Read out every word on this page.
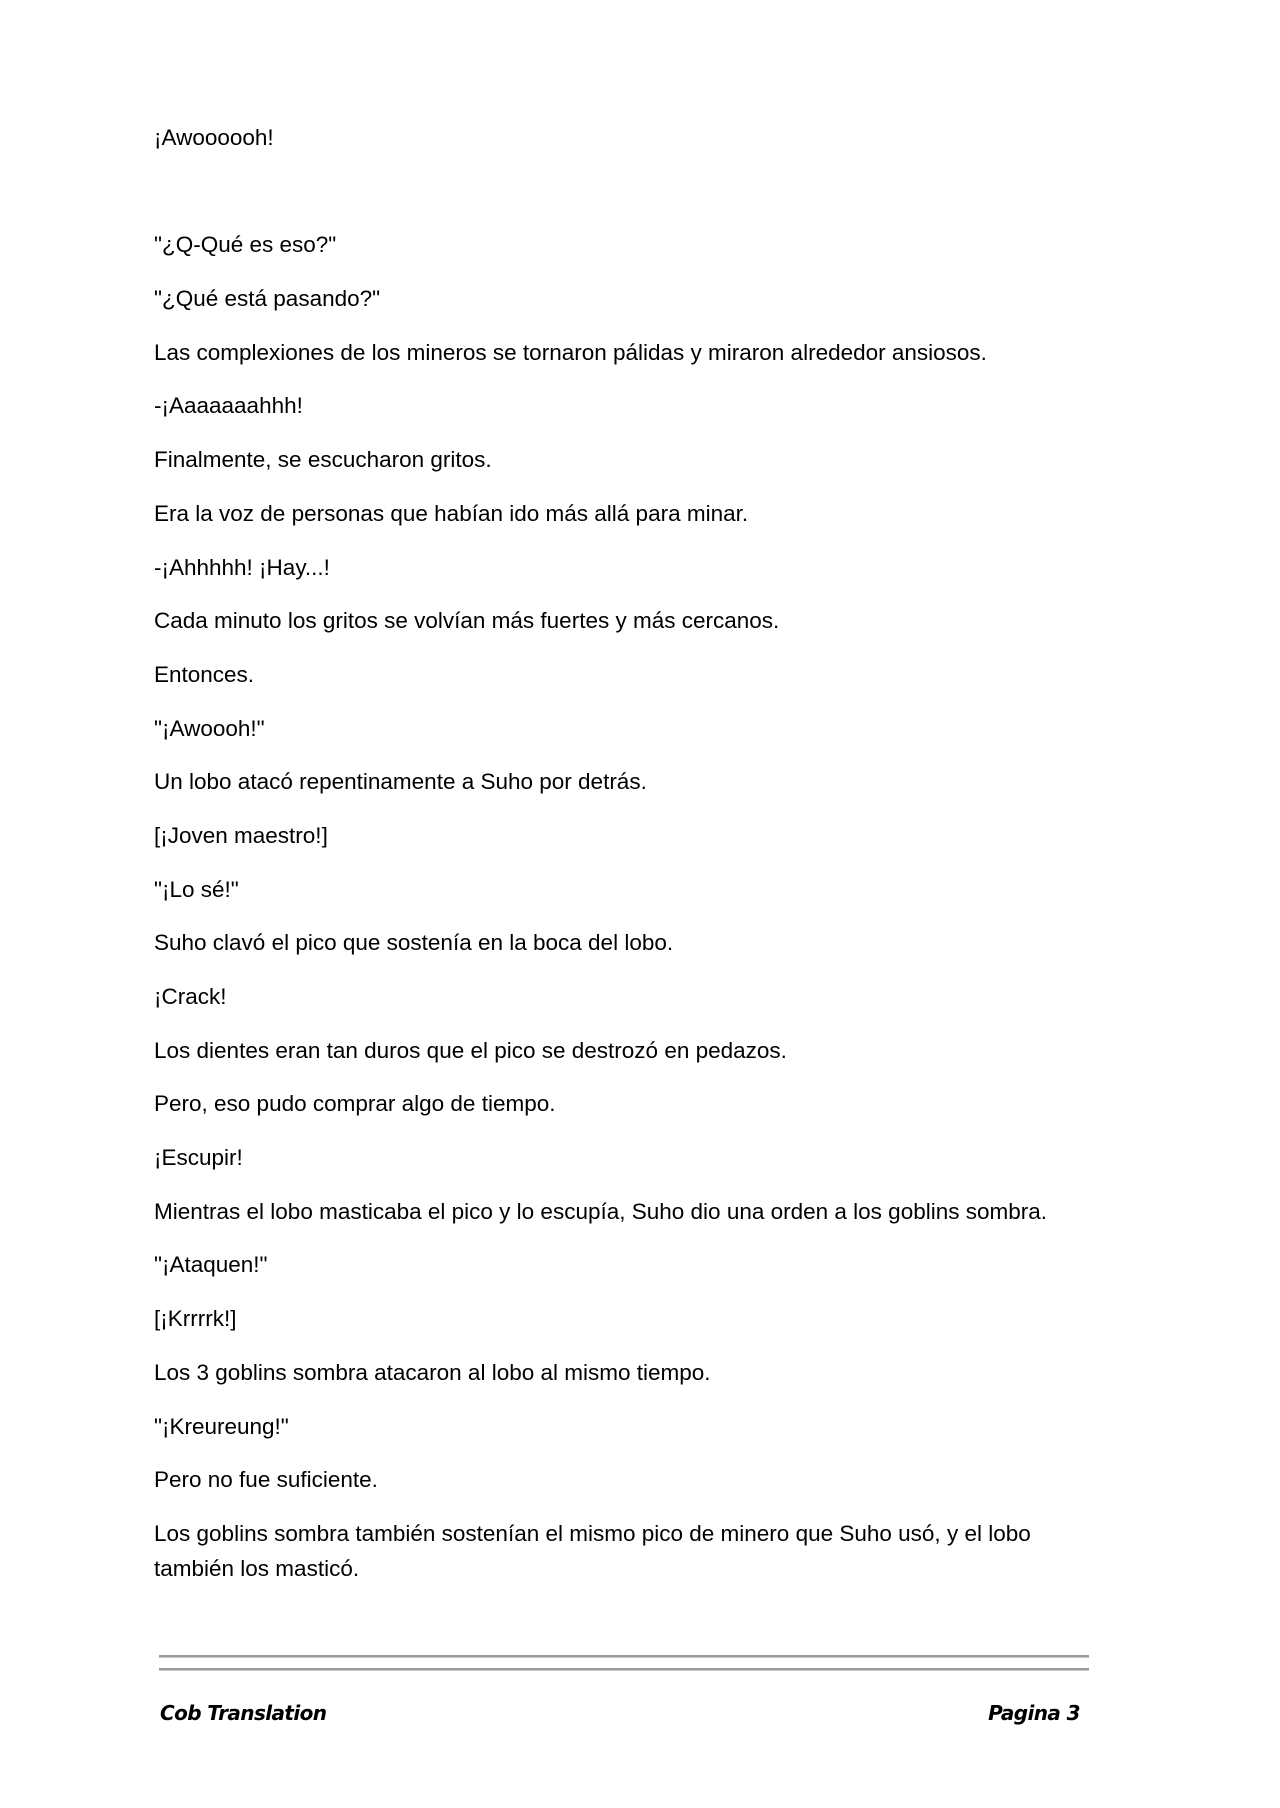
¡Awoooooh!

"¿Q-Qué es eso?"

"¿Qué está pasando?"

Las complexiones de los mineros se tornaron pálidas y miraron alrededor ansiosos.

-¡Aaaaaaahhh!

Finalmente, se escucharon gritos.

Era la voz de personas que habían ido más allá para minar.

-¡Ahhhhh! ¡Hay...!

Cada minuto los gritos se volvían más fuertes y más cercanos.

Entonces.

"¡Awoooh!"

Un lobo atacó repentinamente a Suho por detrás.

[¡Joven maestro!]

"¡Lo sé!"

Suho clavó el pico que sostenía en la boca del lobo.

¡Crack!

Los dientes eran tan duros que el pico se destrozó en pedazos.

Pero, eso pudo comprar algo de tiempo.

¡Escupir!

Mientras el lobo masticaba el pico y lo escupía, Suho dio una orden a los goblins sombra.

"¡Ataquen!"

[¡Krrrrk!]

Los 3 goblins sombra atacaron al lobo al mismo tiempo.

"¡Kreureung!"

Pero no fue suficiente.

Los goblins sombra también sostenían el mismo pico de minero que Suho usó, y el lobo también los masticó.

Cob Translation	Pagina 3
